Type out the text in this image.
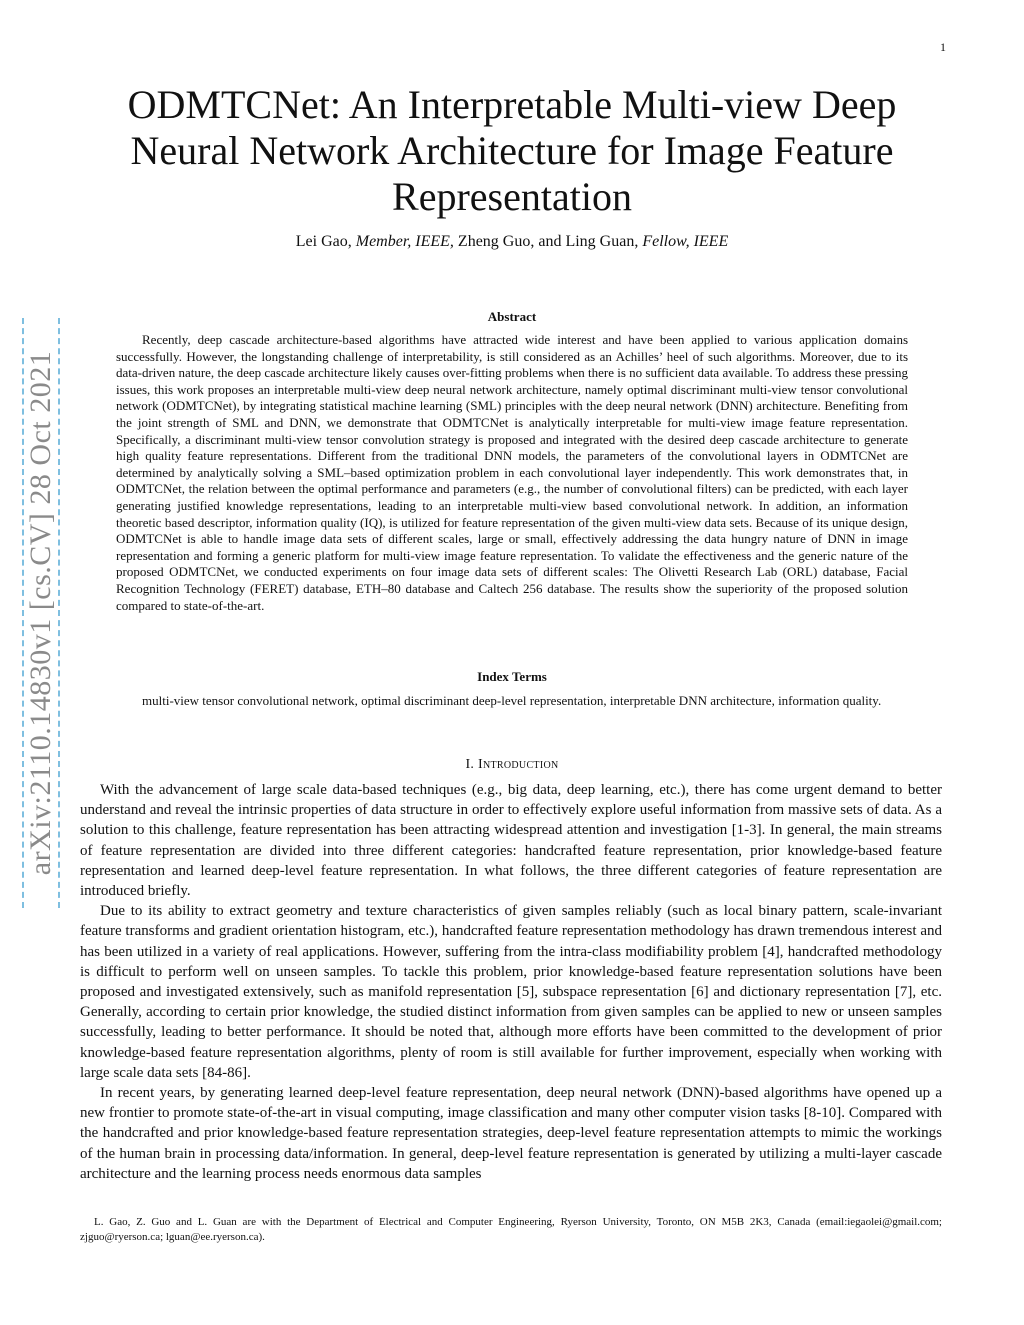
1
arXiv:2110.14830v1 [cs.CV] 28 Oct 2021
ODMTCNet: An Interpretable Multi-view Deep
Neural Network Architecture for Image Feature
Representation
Lei Gao, Member, IEEE, Zheng Guo, and Ling Guan, Fellow, IEEE
Abstract

Recently, deep cascade architecture-based algorithms have attracted wide interest and have been applied to various application domains successfully. However, the longstanding challenge of interpretability, is still considered as an Achilles’ heel of such algorithms. Moreover, due to its data-driven nature, the deep cascade architecture likely causes over-fitting problems when there is no sufficient data available. To address these pressing issues, this work proposes an interpretable multi-view deep neural network architecture, namely optimal discriminant multi-view tensor convolutional network (ODMTCNet), by integrating statistical machine learning (SML) principles with the deep neural network (DNN) architecture. Benefiting from the joint strength of SML and DNN, we demonstrate that ODMTCNet is analytically interpretable for multi-view image feature representation. Specifically, a discriminant multi-view tensor convolution strategy is proposed and integrated with the desired deep cascade architecture to generate high quality feature representations. Different from the traditional DNN models, the parameters of the convolutional layers in ODMTCNet are determined by analytically solving a SML–based optimization problem in each convolutional layer independently. This work demonstrates that, in ODMTCNet, the relation between the optimal performance and parameters (e.g., the number of convolutional filters) can be predicted, with each layer generating justified knowledge representations, leading to an interpretable multi-view based convolutional network. In addition, an information theoretic based descriptor, information quality (IQ), is utilized for feature representation of the given multi-view data sets. Because of its unique design, ODMTCNet is able to handle image data sets of different scales, large or small, effectively addressing the data hungry nature of DNN in image representation and forming a generic platform for multi-view image feature representation. To validate the effectiveness and the generic nature of the proposed ODMTCNet, we conducted experiments on four image data sets of different scales: The Olivetti Research Lab (ORL) database, Facial Recognition Technology (FERET) database, ETH–80 database and Caltech 256 database. The results show the superiority of the proposed solution compared to state-of-the-art.

Index Terms

multi-view tensor convolutional network, optimal discriminant deep-level representation, interpretable DNN architecture, information quality.

I. Introduction

With the advancement of large scale data-based techniques (e.g., big data, deep learning, etc.), there has come urgent demand to better understand and reveal the intrinsic properties of data structure in order to effectively explore useful information from massive sets of data. As a solution to this challenge, feature representation has been attracting widespread attention and investigation [1-3]. In general, the main streams of feature representation are divided into three different categories: handcrafted feature representation, prior knowledge-based feature representation and learned deep-level feature representation. In what follows, the three different categories of feature representation are introduced briefly.

Due to its ability to extract geometry and texture characteristics of given samples reliably (such as local binary pattern, scale-invariant feature transforms and gradient orientation histogram, etc.), handcrafted feature representation methodology has drawn tremendous interest and has been utilized in a variety of real applications. However, suffering from the intra-class modifiability problem [4], handcrafted methodology is difficult to perform well on unseen samples. To tackle this problem, prior knowledge-based feature representation solutions have been proposed and investigated extensively, such as manifold representation [5], subspace representation [6] and dictionary representation [7], etc. Generally, according to certain prior knowledge, the studied distinct information from given samples can be applied to new or unseen samples successfully, leading to better performance. It should be noted that, although more efforts have been committed to the development of prior knowledge-based feature representation algorithms, plenty of room is still available for further improvement, especially when working with large scale data sets [84-86].

In recent years, by generating learned deep-level feature representation, deep neural network (DNN)-based algorithms have opened up a new frontier to promote state-of-the-art in visual computing, image classification and many other computer vision tasks [8-10]. Compared with the handcrafted and prior knowledge-based feature representation strategies, deep-level feature representation attempts to mimic the workings of the human brain in processing data/information. In general, deep-level feature representation is generated by utilizing a multi-layer cascade architecture and the learning process needs enormous data samples

L. Gao, Z. Guo and L. Guan are with the Department of Electrical and Computer Engineering, Ryerson University, Toronto, ON M5B 2K3, Canada (email:iegaolei@gmail.com; zjguo@ryerson.ca; lguan@ee.ryerson.ca).
